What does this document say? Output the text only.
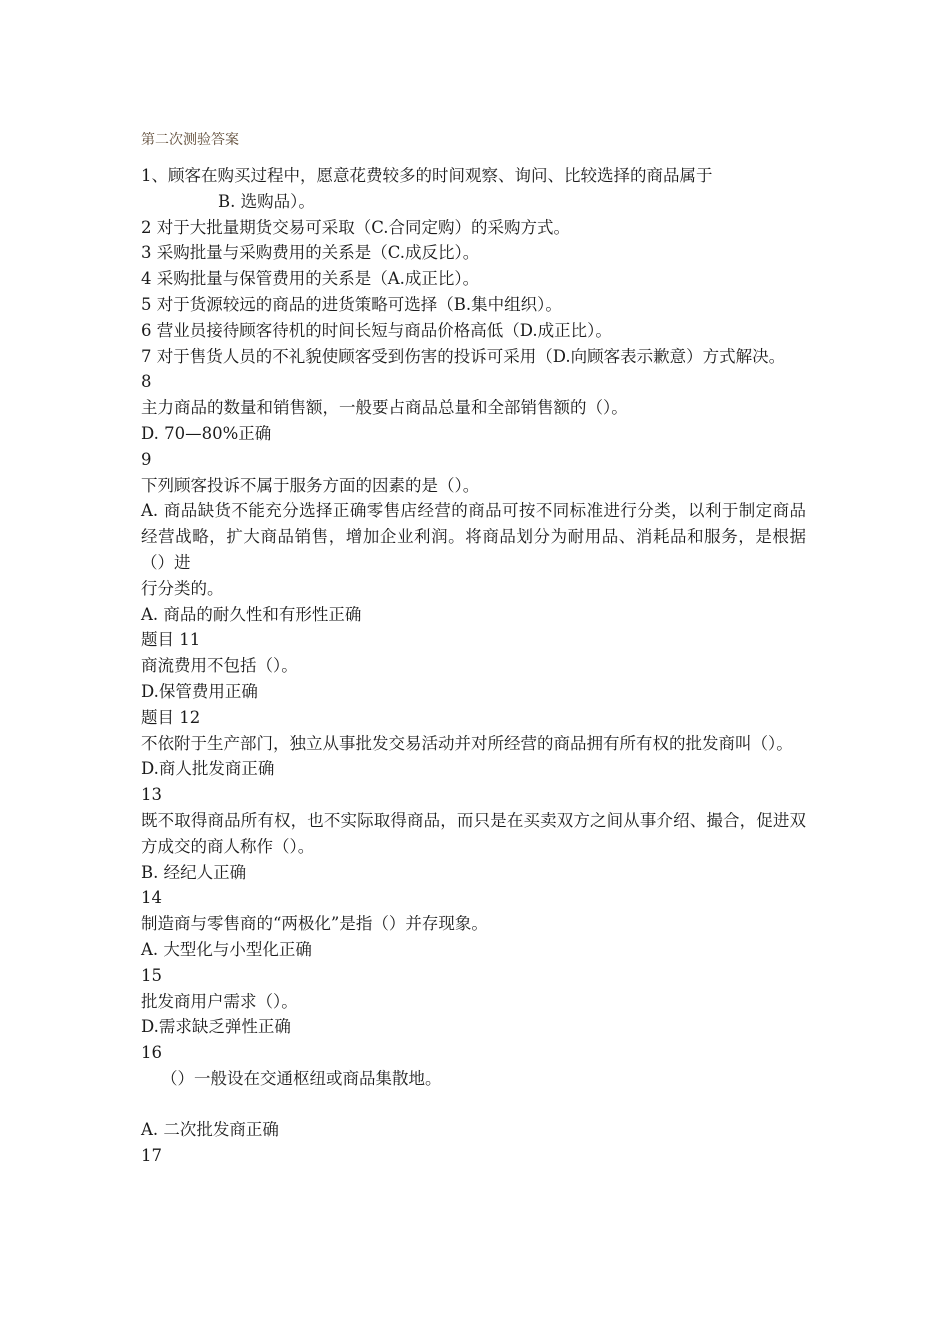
第二次测验答案

1、顾客在购买过程中，愿意花费较多的时间观察、询问、比较选择的商品属于

B. 选购品）。

2 对于大批量期货交易可采取（C.合同定购）的采购方式。

3 采购批量与采购费用的关系是（C.成反比）。

4 采购批量与保管费用的关系是（A.成正比）。

5 对于货源较远的商品的进货策略可选择（B.集中组织）。

6 营业员接待顾客待机的时间长短与商品价格高低（D.成正比）。

7 对于售货人员的不礼貌使顾客受到伤害的投诉可采用（D.向顾客表示歉意）方式解决。

8

主力商品的数量和销售额，一般要占商品总量和全部销售额的（）。

D. 70—80%正确

9

下列顾客投诉不属于服务方面的因素的是（）。

A. 商品缺货不能充分选择正确零售店经营的商品可按不同标准进行分类，以利于制定商品经营战略，扩大商品销售，增加企业利润。将商品划分为耐用品、消耗品和服务，是根据（）进

行分类的。

A. 商品的耐久性和有形性正确

题目 11

商流费用不包括（）。

D.保管费用正确

题目 12

不依附于生产部门，独立从事批发交易活动并对所经营的商品拥有所有权的批发商叫（）。

D.商人批发商正确

13

既不取得商品所有权，也不实际取得商品，而只是在买卖双方之间从事介绍、撮合，促进双方成交的商人称作（）。

B. 经纪人正确

14

制造商与零售商的“两极化”是指（）并存现象。

A. 大型化与小型化正确

15

批发商用户需求（）。

D.需求缺乏弹性正确

16

（）一般设在交通枢纽或商品集散地。

A. 二次批发商正确

17
